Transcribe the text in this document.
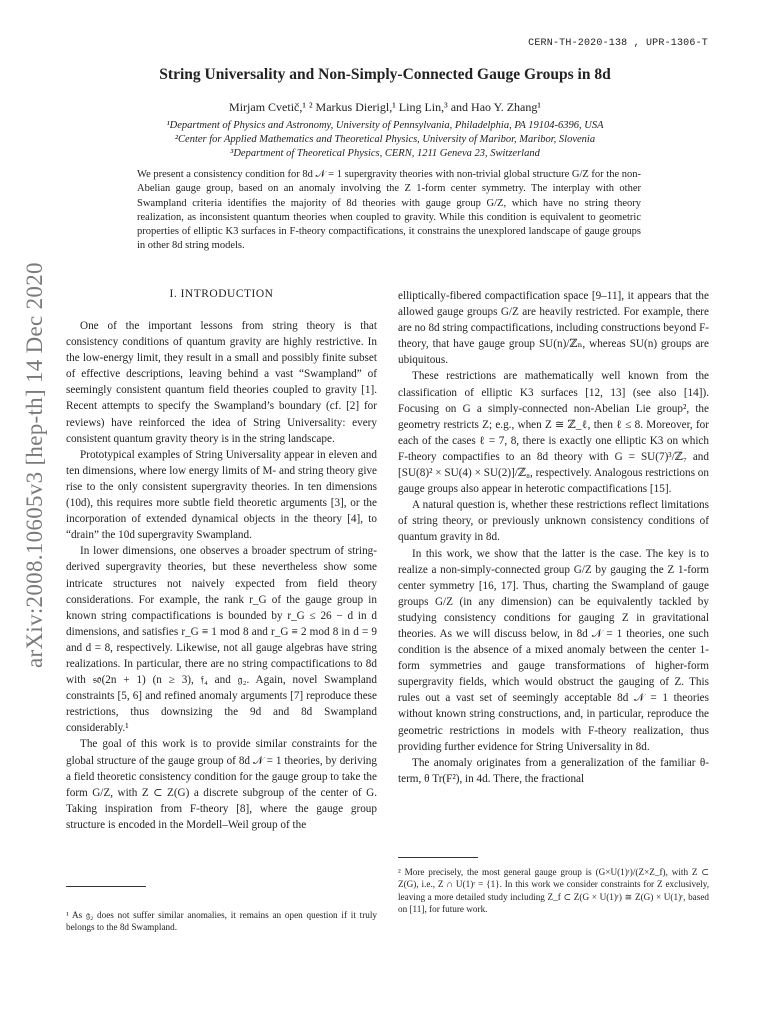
CERN-TH-2020-138 , UPR-1306-T
String Universality and Non-Simply-Connected Gauge Groups in 8d
Mirjam Cvetič,¹ ² Markus Dierigl,¹ Ling Lin,³ and Hao Y. Zhang¹
¹Department of Physics and Astronomy, University of Pennsylvania, Philadelphia, PA 19104-6396, USA
²Center for Applied Mathematics and Theoretical Physics, University of Maribor, Maribor, Slovenia
³Department of Theoretical Physics, CERN, 1211 Geneva 23, Switzerland
We present a consistency condition for 8d 𝒩 = 1 supergravity theories with non-trivial global structure G/Z for the non-Abelian gauge group, based on an anomaly involving the Z 1-form center symmetry. The interplay with other Swampland criteria identifies the majority of 8d theories with gauge group G/Z, which have no string theory realization, as inconsistent quantum theories when coupled to gravity. While this condition is equivalent to geometric properties of elliptic K3 surfaces in F-theory compactifications, it constrains the unexplored landscape of gauge groups in other 8d string models.
arXiv:2008.10605v3 [hep-th] 14 Dec 2020	I. INTRODUCTION

One of the important lessons from string theory is that consistency conditions of quantum gravity are highly restrictive. In the low-energy limit, they result in a small and possibly finite subset of effective descriptions, leaving behind a vast “Swampland” of seemingly consistent quantum field theories coupled to gravity [1]. Recent attempts to specify the Swampland’s boundary (cf. [2] for reviews) have reinforced the idea of String Universality: every consistent quantum gravity theory is in the string landscape.

Prototypical examples of String Universality appear in eleven and ten dimensions, where low energy limits of M- and string theory give rise to the only consistent supergravity theories. In ten dimensions (10d), this requires more subtle field theoretic arguments [3], or the incorporation of extended dynamical objects in the theory [4], to “drain” the 10d supergravity Swampland.

In lower dimensions, one observes a broader spectrum of string-derived supergravity theories, but these nevertheless show some intricate structures not naively expected from field theory considerations. For example, the rank r_G of the gauge group in known string compactifications is bounded by r_G ≤ 26 − d in d dimensions, and satisfies r_G ≡ 1 mod 8 and r_G ≡ 2 mod 8 in d = 9 and d = 8, respectively. Likewise, not all gauge algebras have string realizations. In particular, there are no string compactifications to 8d with 𝔰𝔬(2n + 1) (n ≥ 3), 𝔣₄ and 𝔤₂. Again, novel Swampland constraints [5, 6] and refined anomaly arguments [7] reproduce these restrictions, thus downsizing the 9d and 8d Swampland considerably.¹

The goal of this work is to provide similar constraints for the global structure of the gauge group of 8d 𝒩 = 1 theories, by deriving a field theoretic consistency condition for the gauge group to take the form G/Z, with Z ⊂ Z(G) a discrete subgroup of the center of G. Taking inspiration from F-theory [8], where the gauge group structure is encoded in the Mordell–Weil group of the

elliptically-fibered compactification space [9–11], it appears that the allowed gauge groups G/Z are heavily restricted. For example, there are no 8d string compactifications, including constructions beyond F-theory, that have gauge group SU(n)/ℤₙ, whereas SU(n) groups are ubiquitous.

These restrictions are mathematically well known from the classification of elliptic K3 surfaces [12, 13] (see also [14]). Focusing on G a simply-connected non-Abelian Lie group², the geometry restricts Z; e.g., when Z ≅ ℤ_ℓ, then ℓ ≤ 8. Moreover, for each of the cases ℓ = 7, 8, there is exactly one elliptic K3 on which F-theory compactifies to an 8d theory with G = SU(7)³/ℤ₇ and [SU(8)² × SU(4) × SU(2)]/ℤ₈, respectively. Analogous restrictions on gauge groups also appear in heterotic compactifications [15].

A natural question is, whether these restrictions reflect limitations of string theory, or previously unknown consistency conditions of quantum gravity in 8d.

In this work, we show that the latter is the case. The key is to realize a non-simply-connected group G/Z by gauging the Z 1-form center symmetry [16, 17]. Thus, charting the Swampland of gauge groups G/Z (in any dimension) can be equivalently tackled by studying consistency conditions for gauging Z in gravitational theories. As we will discuss below, in 8d 𝒩 = 1 theories, one such condition is the absence of a mixed anomaly between the center 1-form symmetries and gauge transformations of higher-form supergravity fields, which would obstruct the gauging of Z. This rules out a vast set of seemingly acceptable 8d 𝒩 = 1 theories without known string constructions, and, in particular, reproduce the geometric restrictions in models with F-theory realization, thus providing further evidence for String Universality in 8d.

The anomaly originates from a generalization of the familiar θ-term, θ Tr(F²), in 4d. There, the fractional

¹ As 𝔤₂ does not suffer similar anomalies, it remains an open question if it truly belongs to the 8d Swampland.
² More precisely, the most general gauge group is (G×U(1)ʳ)/(Z×Z_f), with Z ⊂ Z(G), i.e., Z ∩ U(1)ʳ = {1}. In this work we consider constraints for Z exclusively, leaving a more detailed study including Z_f ⊂ Z(G × U(1)ʳ) ≅ Z(G) × U(1)ʳ, based on [11], for future work.
